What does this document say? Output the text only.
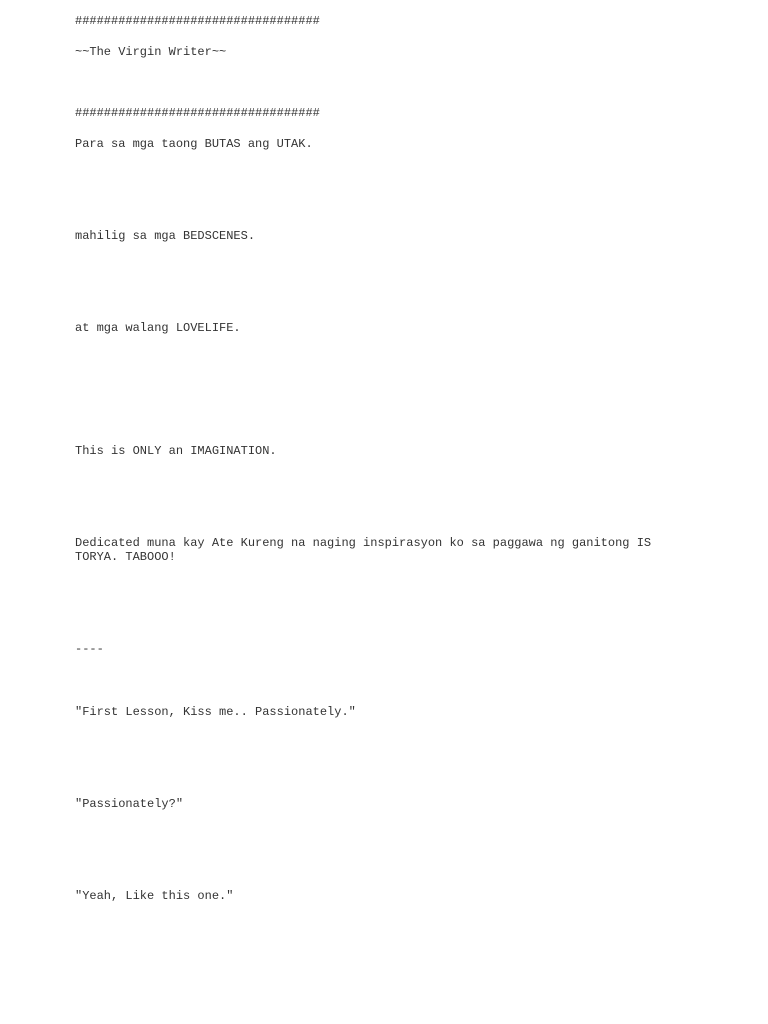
##################################

~~The Virgin Writer~~

##################################

Para sa mga taong BUTAS ang UTAK.

mahilig sa mga BEDSCENES.

at mga walang LOVELIFE.

This is ONLY an IMAGINATION.

Dedicated muna kay Ate Kureng na naging inspirasyon ko sa paggawa ng ganitong IS TORYA. TABOOO!

----

"First Lesson, Kiss me.. Passionately."

"Passionately?"

"Yeah, Like this one."
